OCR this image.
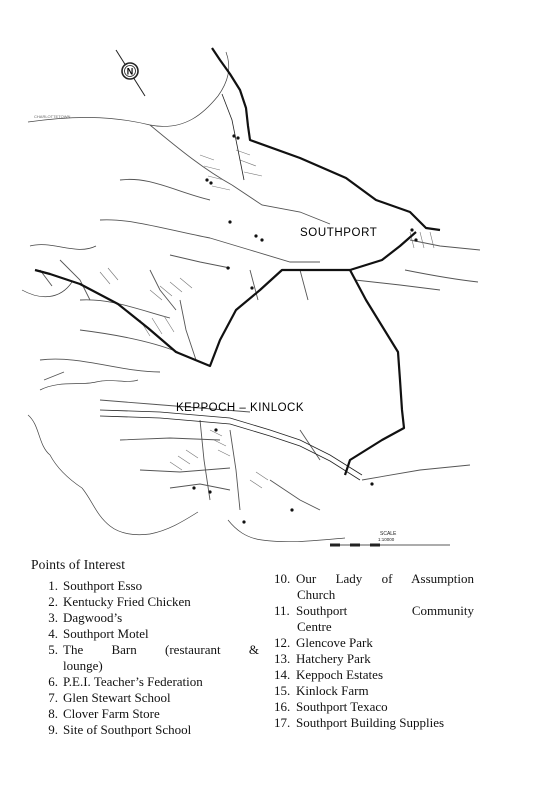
N
SOUTHPORT
KEPPOCH – KINLOCK
CHARLOTTETOWN
SCALE
1:10000
Points of Interest
1. Southport Esso
2. Kentucky Fried Chicken
3. Dagwood’s
4. Southport Motel
5. The Barn (restaurant &
lounge)
6. P.E.I. Teacher’s Federation
7. Glen Stewart School
8. Clover Farm Store
9. Site of Southport School
10. Our Lady of Assumption
Church
11. Southport Community
Centre
12. Glencove Park
13. Hatchery Park
14. Keppoch Estates
15. Kinlock Farm
16. Southport Texaco
17. Southport Building Supplies
